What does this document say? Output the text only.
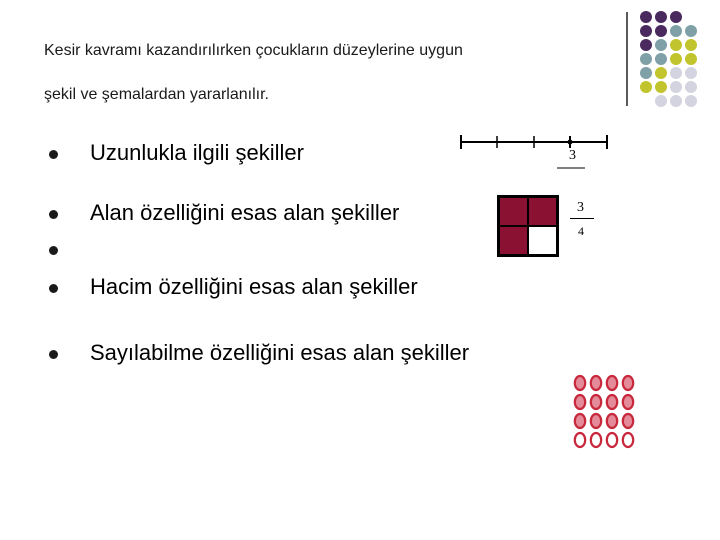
Kesir kavramı kazandırılırken çocukların düzeylerine uygun
şekil ve şemalardan yararlanılır.
Uzunlukla ilgili şekiller
Alan özelliğini esas alan şekiller
Hacim özelliğini esas alan şekiller
Sayılabilme özelliğini esas alan şekiller
3
3
4
